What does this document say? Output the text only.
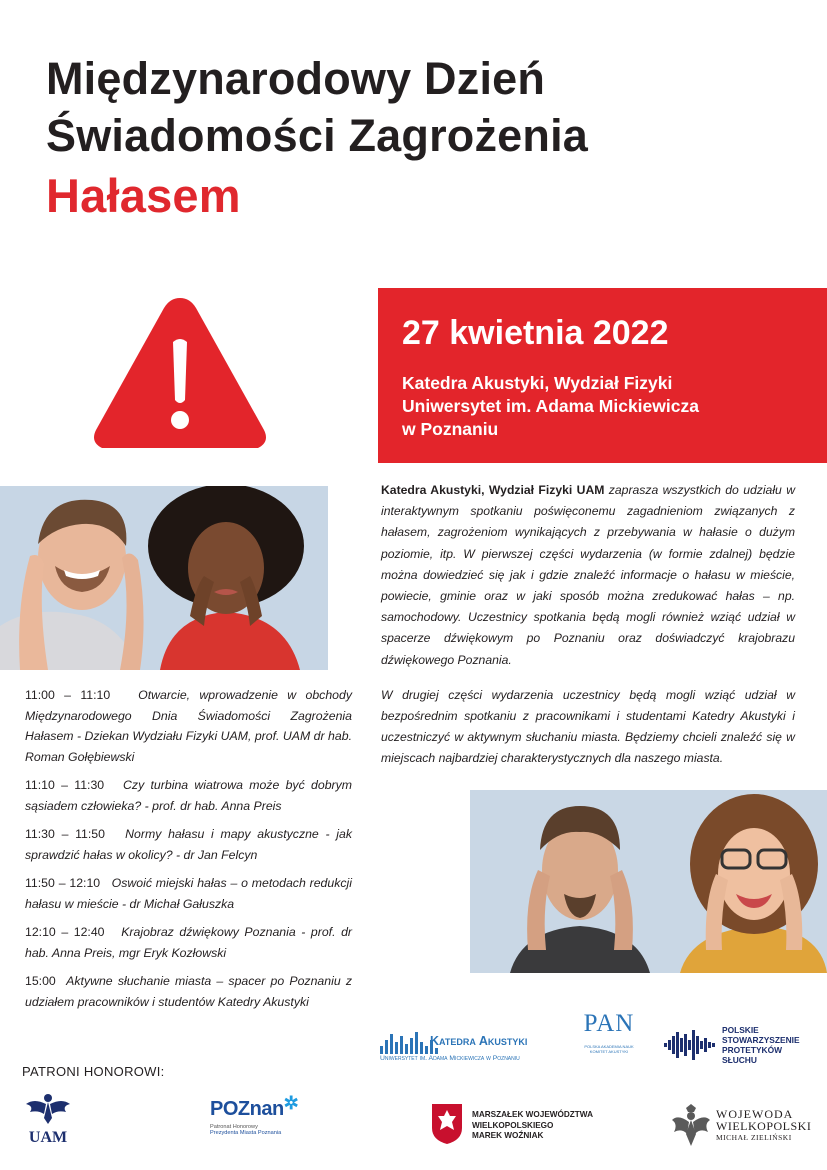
Międzynarodowy Dzień
Świadomości Zagrożenia
Hałasem
27 kwietnia 2022
Katedra Akustyki, Wydział Fizyki
Uniwersytet im. Adama Mickiewicza
w Poznaniu

Katedra Akustyki, Wydział Fizyki UAM zaprasza wszystkich do udziału w interaktywnym spotkaniu poświęconemu zagadnieniom związanych z hałasem, zagrożeniom wynikających z przebywania w hałasie o dużym poziomie, itp. W pierwszej części wydarzenia (w formie zdalnej) będzie można dowiedzieć się jak i gdzie znaleźć informacje o hałasu w mieście, powiecie, gminie oraz w jaki sposób można zredukować hałas – np. samochodowy. Uczestnicy spotkania będą mogli również wziąć udział w spacerze dźwiękowym po Poznaniu oraz doświadczyć krajobrazu dźwiękowego Poznania.

W drugiej części wydarzenia uczestnicy będą mogli wziąć udział w bezpośrednim spotkaniu z pracownikami i studentami Katedry Akustyki i uczestniczyć w aktywnym słuchaniu miasta. Będziemy chcieli znaleźć się w miejscach najbardziej charakterystycznych dla naszego miasta.

11:00 – 11:10 Otwarcie, wprowadzenie w obchody Międzynarodowego Dnia Świadomości Zagrożenia Hałasem - Dziekan Wydziału Fizyki UAM, prof. UAM dr hab. Roman Gołębiewski
11:10 – 11:30 Czy turbina wiatrowa może być dobrym sąsiadem człowieka? - prof. dr hab. Anna Preis
11:30 – 11:50 Normy hałasu i mapy akustyczne - jak sprawdzić hałas w okolicy? - dr Jan Felcyn
11:50 – 12:10 Oswoić miejski hałas – o metodach redukcji hałasu w mieście - dr Michał Gałuszka
12:10 – 12:40 Krajobraz dźwiękowy Poznania - prof. dr hab. Anna Preis, mgr Eryk Kozłowski
15:00 Aktywne słuchanie miasta – spacer po Poznaniu z udziałem pracowników i studentów Katedry Akustyki
Katedra Akustyki
Uniwersytet im. Adama Mickiewicza w Poznaniu
PAN
POLSKA AKADEMIA NAUK
KOMITET AKUSTYKI
POLSKIE
STOWARZYSZENIE
PROTETYKÓW
SŁUCHU
PATRONI HONOROWI:
UAM
POZnan✲
Patronat Honorowy
Prezydenta Miasta Poznania
MARSZAŁEK WOJEWÓDZTWA
WIELKOPOLSKIEGO
MAREK WOŹNIAK
WOJEWODA
WIELKOPOLSKI
MICHAŁ ZIELIŃSKI
